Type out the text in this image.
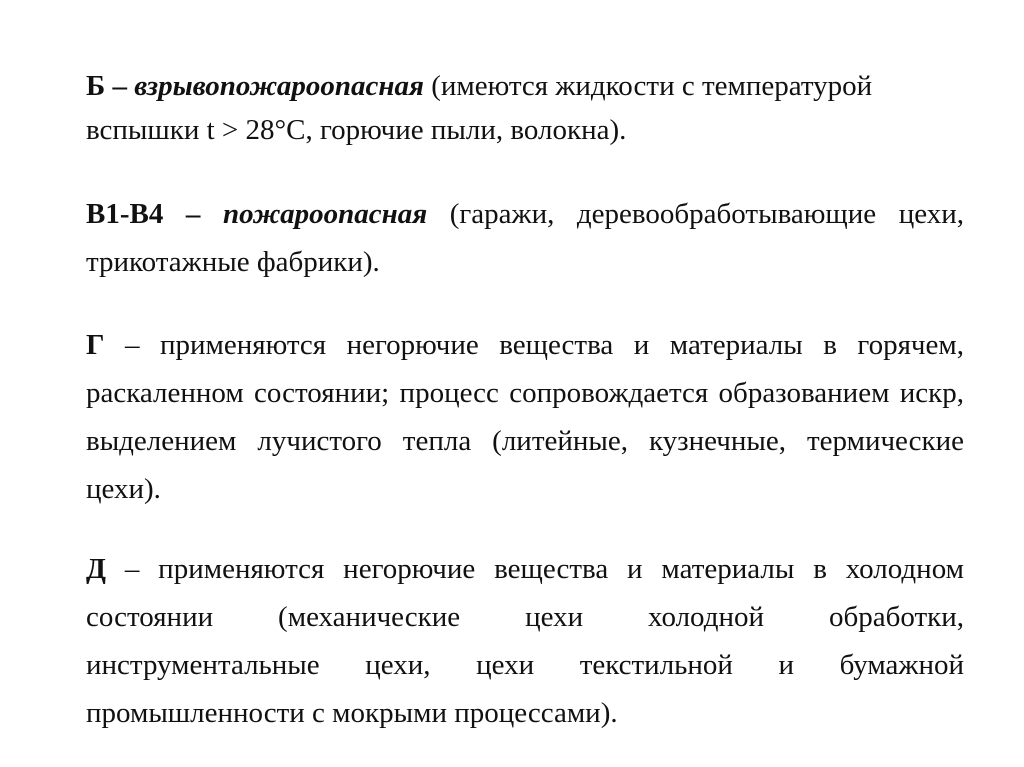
Б – взрывопожароопасная (имеются жидкости с температурой вспышки t > 28°С, горючие пыли, волокна).

В1-В4 – пожароопасная (гаражи, деревообработывающие цехи, трикотажные фабрики).

Г – применяются негорючие вещества и материалы в горячем, раскаленном состоянии; процесс сопровождается образованием искр, выделением лучистого тепла (литейные, кузнечные, термические цехи).

Д – применяются негорючие вещества и материалы в холодном состоянии (механические цехи холодной обработки, инструментальные цехи, цехи текстильной и бумажной промышленности с мокрыми процессами).
